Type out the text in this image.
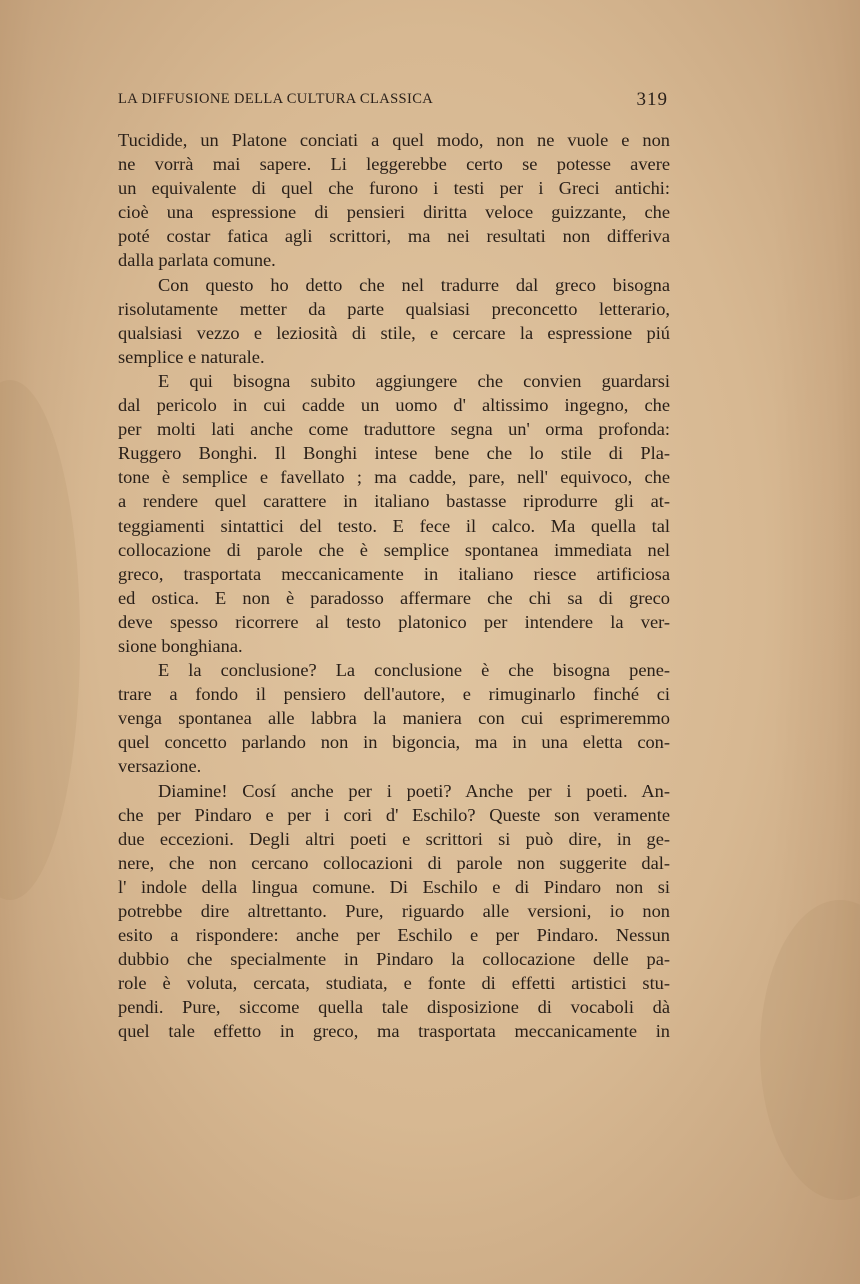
LA DIFFUSIONE DELLA CULTURA CLASSICA	319
Tucidide, un Platone conciati a quel modo, non ne vuole e non
ne vorrà mai sapere. Li leggerebbe certo se potesse avere
un equivalente di quel che furono i testi per i Greci antichi:
cioè una espressione di pensieri diritta veloce guizzante, che
poté costar fatica agli scrittori, ma nei resultati non differiva
dalla parlata comune.
Con questo ho detto che nel tradurre dal greco bisogna
risolutamente metter da parte qualsiasi preconcetto letterario,
qualsiasi vezzo e leziosità di stile, e cercare la espressione piú
semplice e naturale.
E qui bisogna subito aggiungere che convien guardarsi
dal pericolo in cui cadde un uomo d' altissimo ingegno, che
per molti lati anche come traduttore segna un' orma profonda:
Ruggero Bonghi. Il Bonghi intese bene che lo stile di Pla-
tone è semplice e favellato ; ma cadde, pare, nell' equivoco, che
a rendere quel carattere in italiano bastasse riprodurre gli at-
teggiamenti sintattici del testo. E fece il calco. Ma quella tal
collocazione di parole che è semplice spontanea immediata nel
greco, trasportata meccanicamente in italiano riesce artificiosa
ed ostica. E non è paradosso affermare che chi sa di greco
deve spesso ricorrere al testo platonico per intendere la ver-
sione bonghiana.
E la conclusione? La conclusione è che bisogna pene-
trare a fondo il pensiero dell'autore, e rimuginarlo finché ci
venga spontanea alle labbra la maniera con cui esprimeremmo
quel concetto parlando non in bigoncia, ma in una eletta con-
versazione.
Diamine! Cosí anche per i poeti? Anche per i poeti. An-
che per Pindaro e per i cori d' Eschilo? Queste son veramente
due eccezioni. Degli altri poeti e scrittori si può dire, in ge-
nere, che non cercano collocazioni di parole non suggerite dal-
l' indole della lingua comune. Di Eschilo e di Pindaro non si
potrebbe dire altrettanto. Pure, riguardo alle versioni, io non
esito a rispondere: anche per Eschilo e per Pindaro. Nessun
dubbio che specialmente in Pindaro la collocazione delle pa-
role è voluta, cercata, studiata, e fonte di effetti artistici stu-
pendi. Pure, siccome quella tale disposizione di vocaboli dà
quel tale effetto in greco, ma trasportata meccanicamente in
